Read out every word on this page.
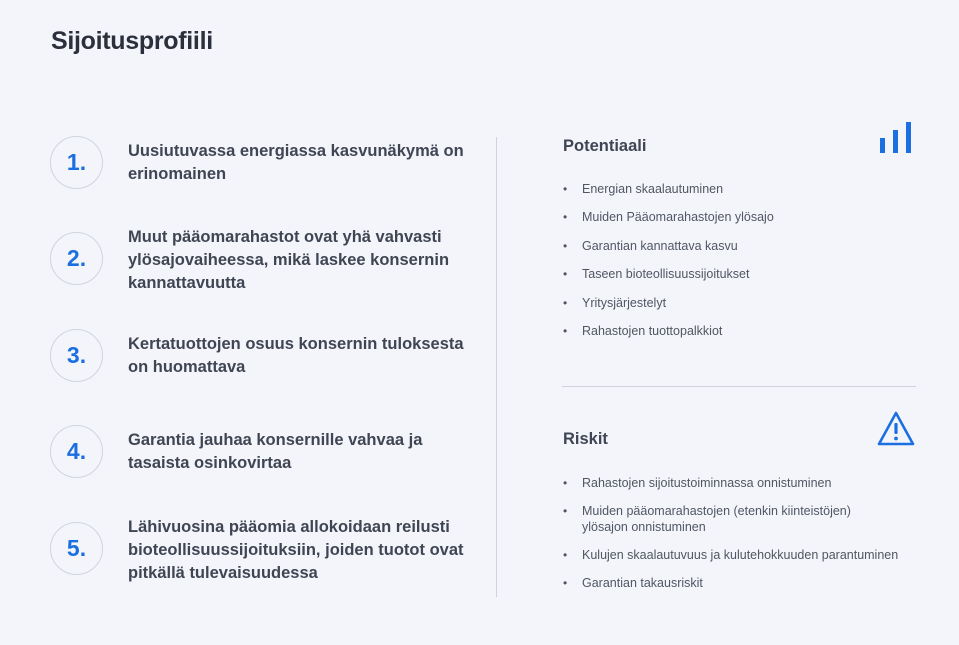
Sijoitusprofiili
1.	Uusiutuvassa energiassa kasvunäkymä on erinomainen
2.
Muut pääomarahastot ovat yhä vahvasti ylösajovaiheessa, mikä laskee konsernin kannattavuutta
3.	Kertatuottojen osuus konsernin tuloksesta on huomattava
4.	Garantia jauhaa konsernille vahvaa ja tasaista osinkovirtaa
5.
Lähivuosina pääomia allokoidaan reilusti bioteollisuussijoituksiin, joiden tuotot ovat pitkällä tulevaisuudessa
Potentiaali
• Energian skaalautuminen
• Muiden Pääomarahastojen ylösajo
• Garantian kannattava kasvu
• Taseen bioteollisuussijoitukset
• Yritysjärjestelyt
• Rahastojen tuottopalkkiot
Riskit
• Rahastojen sijoitustoiminnassa onnistuminen
• Muiden pääomarahastojen (etenkin kiinteistöjen) ylösajon onnistuminen
• Kulujen skaalautuvuus ja kulutehokkuuden parantuminen
• Garantian takausriskit
